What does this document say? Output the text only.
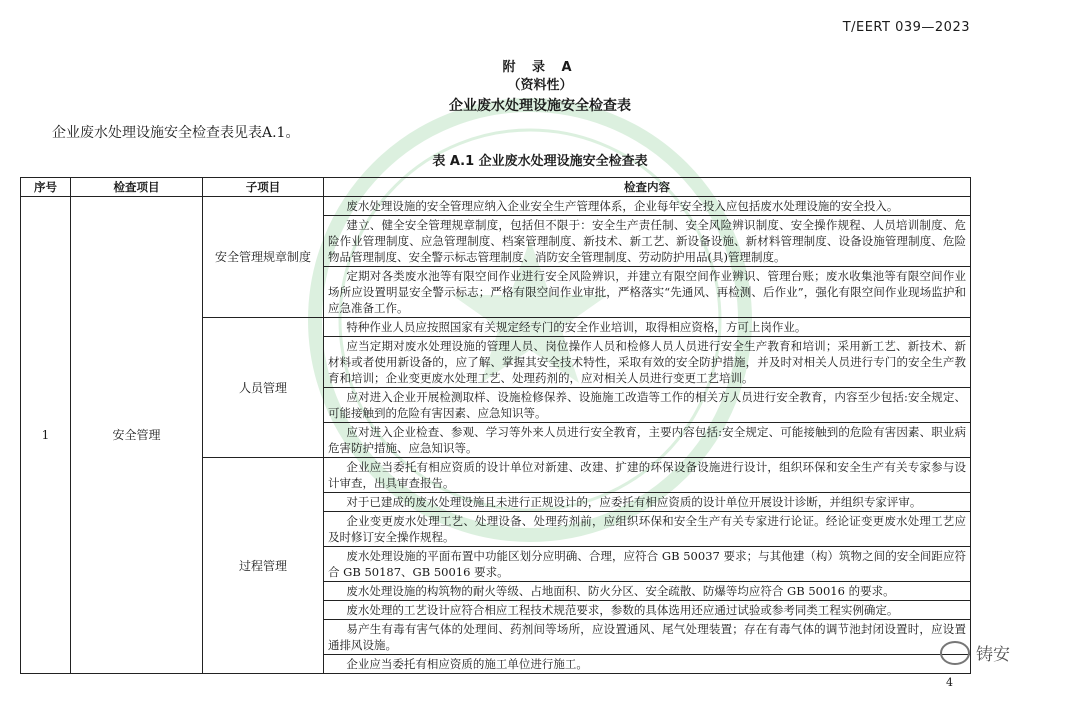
T/EERT 039—2023
附 录 A
（资料性）
企业废水处理设施安全检查表
企业废水处理设施安全检查表见表A.1。
表 A.1 企业废水处理设施安全检查表
序号	检查项目	子项目	检查内容
1	安全管理	安全管理规章制度	废水处理设施的安全管理应纳入企业安全生产管理体系，企业每年安全投入应包括废水处理设施的安全投入。

			建立、健全安全管理规章制度，包括但不限于：安全生产责任制、安全风险辨识制度、安全操作规程、人员培训制度、危险作业管理制度、应急管理制度、档案管理制度、新技术、新工艺、新设备设施、新材料管理制度、设备设施管理制度、危险物品管理制度、安全警示标志管理制度、消防安全管理制度、劳动防护用品(具)管理制度。

			定期对各类废水池等有限空间作业进行安全风险辨识，并建立有限空间作业辨识、管理台账；废水收集池等有限空间作业场所应设置明显安全警示标志；严格有限空间作业审批，严格落实“先通风、再检测、后作业”，强化有限空间作业现场监护和应急准备工作。

		人员管理	特种作业人员应按照国家有关规定经专门的安全作业培训，取得相应资格，方可上岗作业。

			应当定期对废水处理设施的管理人员、岗位操作人员和检修人员人员进行安全生产教育和培训；采用新工艺、新技术、新材料或者使用新设备的，应了解、掌握其安全技术特性，采取有效的安全防护措施，并及时对相关人员进行专门的安全生产教育和培训；企业变更废水处理工艺、处理药剂的，应对相关人员进行变更工艺培训。

			应对进入企业开展检测取样、设施检修保养、设施施工改造等工作的相关方人员进行安全教育，内容至少包括:安全规定、可能接触到的危险有害因素、应急知识等。

			应对进入企业检查、参观、学习等外来人员进行安全教育，主要内容包括:安全规定、可能接触到的危险有害因素、职业病危害防护措施、应急知识等。

		过程管理	企业应当委托有相应资质的设计单位对新建、改建、扩建的环保设备设施进行设计，组织环保和安全生产有关专家参与设计审查，出具审查报告。

			对于已建成的废水处理设施且未进行正规设计的，应委托有相应资质的设计单位开展设计诊断，并组织专家评审。

			企业变更废水处理工艺、处理设备、处理药剂前，应组织环保和安全生产有关专家进行论证。经论证变更废水处理工艺应及时修订安全操作规程。

			废水处理设施的平面布置中功能区划分应明确、合理，应符合 GB 50037 要求；与其他建（构）筑物之间的安全间距应符合 GB 50187、GB 50016 要求。

			废水处理设施的构筑物的耐火等级、占地面积、防火分区、安全疏散、防爆等均应符合 GB 50016 的要求。

			废水处理的工艺设计应符合相应工程技术规范要求，参数的具体选用还应通过试验或参考同类工程实例确定。

			易产生有毒有害气体的处理间、药剂间等场所，应设置通风、尾气处理装置；存在有毒气体的调节池封闭设置时，应设置通排风设施。

			企业应当委托有相应资质的施工单位进行施工。	铸安
4
